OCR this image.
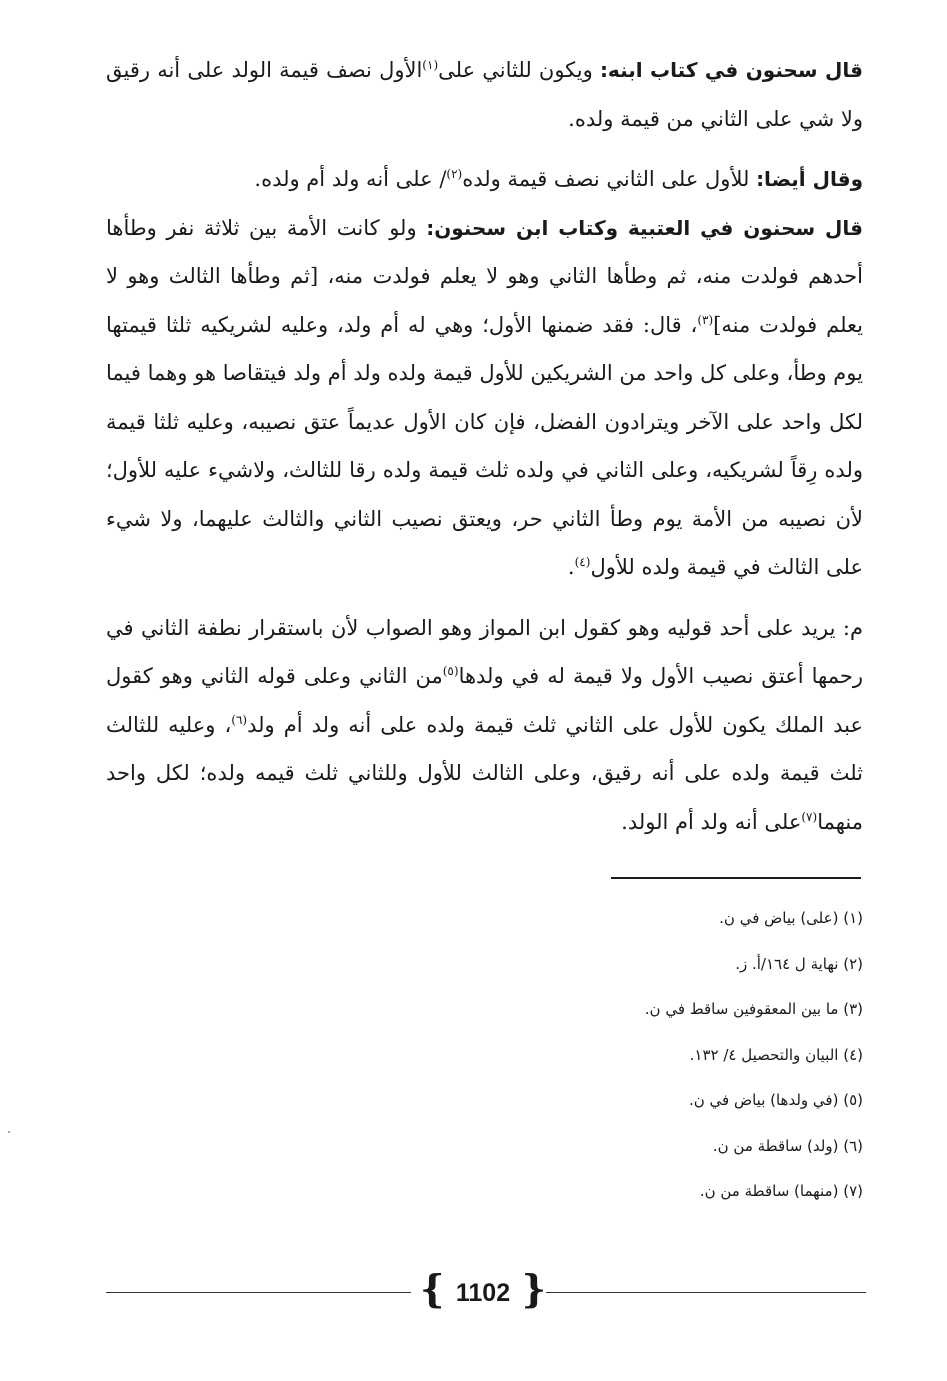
قال سحنون في كتاب ابنه: ويكون للثاني على$^{(١)}$الأول نصف قيمة الولد على أنه رقيق ولا شي على الثاني من قيمة ولده.

وقال أيضا: للأول على الثاني نصف قيمة ولده$^{(٢)}$/ على أنه ولد أم ولده.

قال سحنون في العتبية وكتاب ابن سحنون: ولو كانت الأمة بين ثلاثة نفر وطأها أحدهم فولدت منه، ثم وطأها الثاني وهو لا يعلم فولدت منه، [ثم وطأها الثالث وهو لا يعلم فولدت منه]$^{(٣)}$، قال: فقد ضمنها الأول؛ وهي له أم ولد، وعليه لشريكيه ثلثا قيمتها يوم وطأ، وعلى كل واحد من الشريكين للأول قيمة ولده ولد أم ولد فيتقاصا هو وهما فيما لكل واحد على الآخر ويترادون الفضل، فإن كان الأول عديماً عتق نصيبه، وعليه ثلثا قيمة ولده رِقاً لشريكيه، وعلى الثاني في ولده ثلث قيمة ولده رقا للثالث، ولاشيء عليه للأول؛ لأن نصيبه من الأمة يوم وطأ الثاني حر، ويعتق نصيب الثاني والثالث عليهما، ولا شيء على الثالث في قيمة ولده للأول$^{(٤)}$.

م: يريد على أحد قوليه وهو كقول ابن المواز وهو الصواب لأن باستقرار نطفة الثاني في رحمها أعتق نصيب الأول ولا قيمة له في ولدها$^{(٥)}$من الثاني وعلى قوله الثاني وهو كقول عبد الملك يكون للأول على الثاني ثلث قيمة ولده على أنه ولد أم ولد$^{(٦)}$، وعليه للثالث ثلث قيمة ولده على أنه رقيق، وعلى الثالث للأول وللثاني ثلث قيمه ولده؛ لكل واحد منهما$^{(٧)}$على أنه ولد أم الولد.

(١) (على) بياض في ن.
(٢) نهاية ل ١٦٤/أ. ز.
(٣) ما بين المعقوفين ساقط في ن.
(٤) البيان والتحصيل ٤/ ١٣٢.
(٥) (في ولدها) بياض في ن.
(٦) (ولد) ساقطة من ن.
(٧) (منهما) ساقطة من ن.
{ 1102 }
